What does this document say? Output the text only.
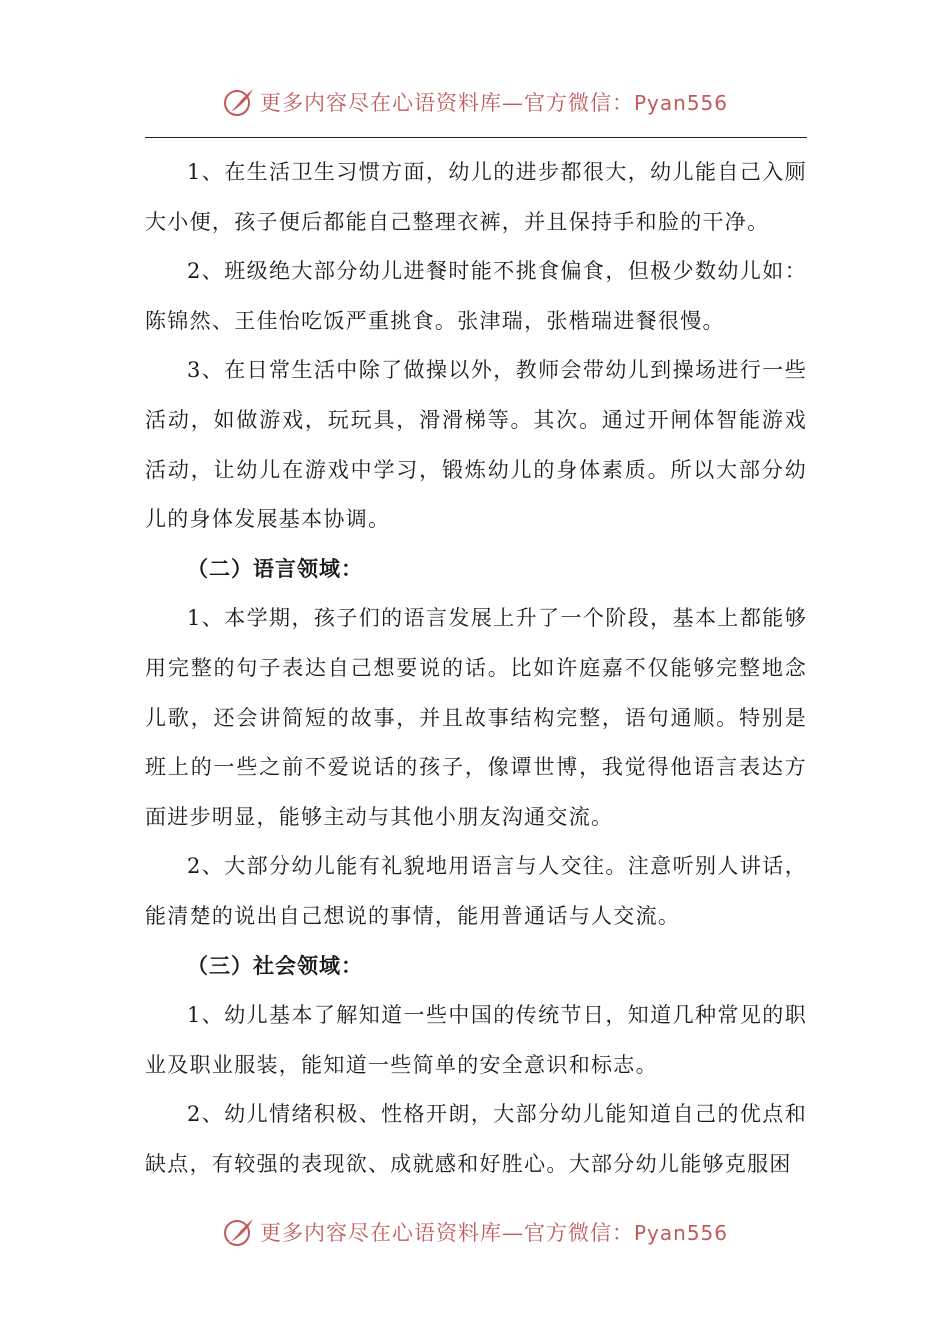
更多内容尽在心语资料库—官方微信：Pyan556

1、在生活卫生习惯方面，幼儿的进步都很大，幼儿能自己入厕大小便，孩子便后都能自己整理衣裤，并且保持手和脸的干净。

2、班级绝大部分幼儿进餐时能不挑食偏食，但极少数幼儿如：陈锦然、王佳怡吃饭严重挑食。张津瑞，张楷瑞进餐很慢。

3、在日常生活中除了做操以外，教师会带幼儿到操场进行一些活动，如做游戏，玩玩具，滑滑梯等。其次。通过开闸体智能游戏活动，让幼儿在游戏中学习，锻炼幼儿的身体素质。所以大部分幼儿的身体发展基本协调。

（二）语言领域：

1、本学期，孩子们的语言发展上升了一个阶段，基本上都能够用完整的句子表达自己想要说的话。比如许庭嘉不仅能够完整地念儿歌，还会讲简短的故事，并且故事结构完整，语句通顺。特别是班上的一些之前不爱说话的孩子，像谭世博，我觉得他语言表达方面进步明显，能够主动与其他小朋友沟通交流。

2、大部分幼儿能有礼貌地用语言与人交往。注意听别人讲话，能清楚的说出自己想说的事情，能用普通话与人交流。

（三）社会领域：

1、幼儿基本了解知道一些中国的传统节日，知道几种常见的职业及职业服装，能知道一些简单的安全意识和标志。

2、幼儿情绪积极、性格开朗，大部分幼儿能知道自己的优点和缺点，有较强的表现欲、成就感和好胜心。大部分幼儿能够克服困

更多内容尽在心语资料库—官方微信：Pyan556
